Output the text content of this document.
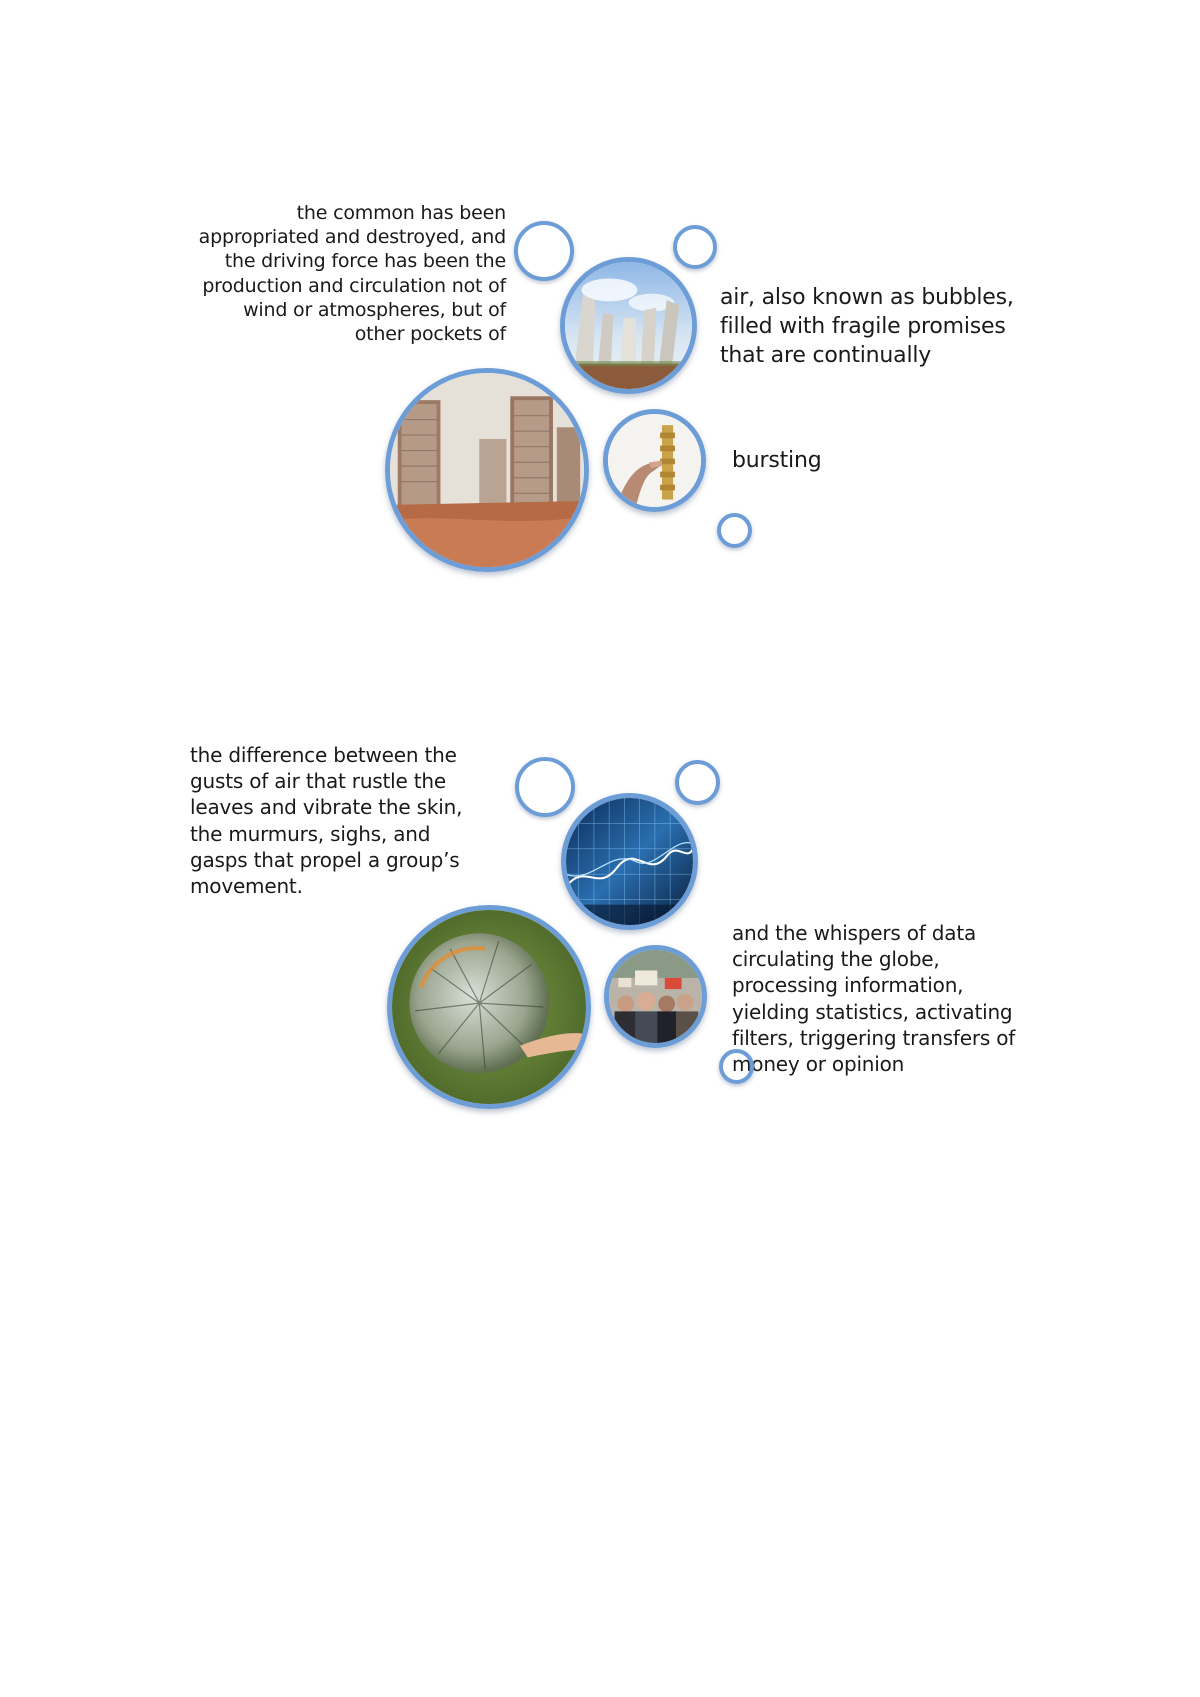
the common has been
appropriated and destroyed, and
the driving force has been the
production and circulation not of
wind or atmospheres, but of
other pockets of
air, also known as bubbles,
filled with fragile promises
that are continually
bursting
the difference between the
gusts of air that rustle the
leaves and vibrate the skin,
the murmurs, sighs, and
gasps that propel a group’s
movement.
and the whispers of data
circulating the globe,
processing information,
yielding statistics, activating
filters, triggering transfers of
money or opinion
